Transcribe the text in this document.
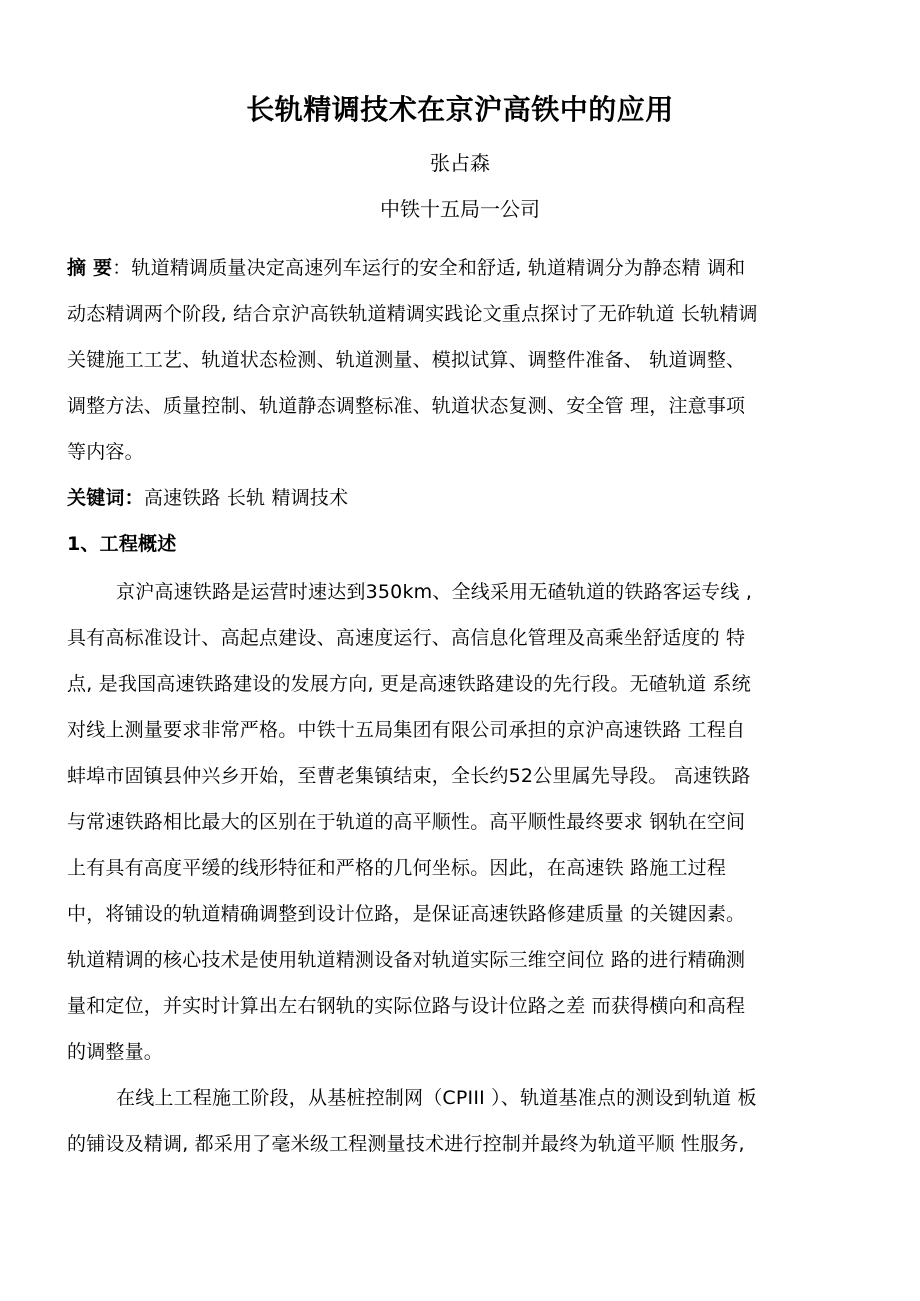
长轨精调技术在京沪高铁中的应用
张占森
中铁十五局一公司
摘 要：轨道精调质量决定高速列车运行的安全和舒适, 轨道精调分为静态精 调和
动态精调两个阶段, 结合京沪高铁轨道精调实践论文重点探讨了无砟轨道 长轨精调
关键施工工艺、轨道状态检测、轨道测量、模拟试算、调整件准备、 轨道调整、
调整方法、质量控制、轨道静态调整标准、轨道状态复测、安全管 理，注意事项
等内容。
关键词：高速铁路 长轨 精调技术
1、工程概述
京沪高速铁路是运营时速达到350km、全线采用无碴轨道的铁路客运专线 ,
具有高标准设计、高起点建设、高速度运行、高信息化管理及高乘坐舒适度的 特
点, 是我国高速铁路建设的发展方向, 更是高速铁路建设的先行段。无碴轨道 系统
对线上测量要求非常严格。中铁十五局集团有限公司承担的京沪高速铁路 工程自
蚌埠市固镇县仲兴乡开始，至曹老集镇结束，全长约52公里属先导段。 高速铁路
与常速铁路相比最大的区别在于轨道的高平顺性。高平顺性最终要求 钢轨在空间
上有具有高度平缓的线形特征和严格的几何坐标。因此，在高速铁 路施工过程
中，将铺设的轨道精确调整到设计位路，是保证高速铁路修建质量 的关键因素。
轨道精调的核心技术是使用轨道精测设备对轨道实际三维空间位 路的进行精确测
量和定位，并实时计算出左右钢轨的实际位路与设计位路之差 而获得横向和高程
的调整量。
在线上工程施工阶段，从基桩控制网（CPIII ）、轨道基准点的测设到轨道 板
的铺设及精调, 都采用了毫米级工程测量技术进行控制并最终为轨道平顺 性服务,
